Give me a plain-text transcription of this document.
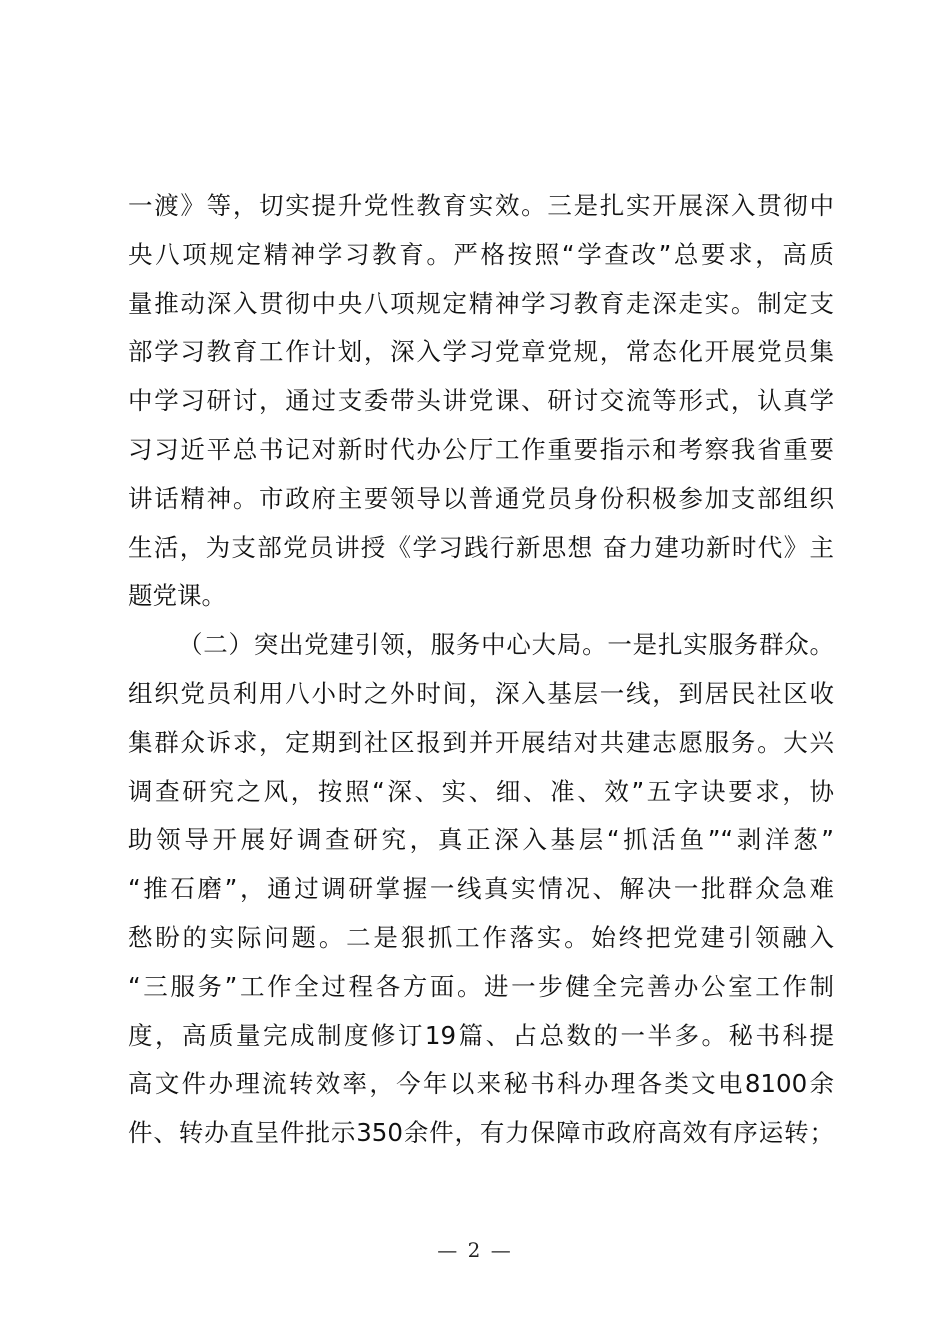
一渡》等，切实提升党性教育实效。三是扎实开展深入贯彻中
央八项规定精神学习教育。严格按照“学查改”总要求，高质
量推动深入贯彻中央八项规定精神学习教育走深走实。制定支
部学习教育工作计划，深入学习党章党规，常态化开展党员集
中学习研讨，通过支委带头讲党课、研讨交流等形式，认真学
习习近平总书记对新时代办公厅工作重要指示和考察我省重要
讲话精神。市政府主要领导以普通党员身份积极参加支部组织
生活，为支部党员讲授《学习践行新思想 奋力建功新时代》主
题党课。
（二）突出党建引领，服务中心大局。一是扎实服务群众。
组织党员利用八小时之外时间，深入基层一线，到居民社区收
集群众诉求，定期到社区报到并开展结对共建志愿服务。大兴
调查研究之风，按照“深、实、细、准、效”五字诀要求，协
助领导开展好调查研究，真正深入基层“抓活鱼”“剥洋葱”
“推石磨”，通过调研掌握一线真实情况、解决一批群众急难
愁盼的实际问题。二是狠抓工作落实。始终把党建引领融入
“三服务”工作全过程各方面。进一步健全完善办公室工作制
度，高质量完成制度修订19篇、占总数的一半多。秘书科提
高文件办理流转效率，今年以来秘书科办理各类文电8100余
件、转办直呈件批示350余件，有力保障市政府高效有序运转；
— 2 —
